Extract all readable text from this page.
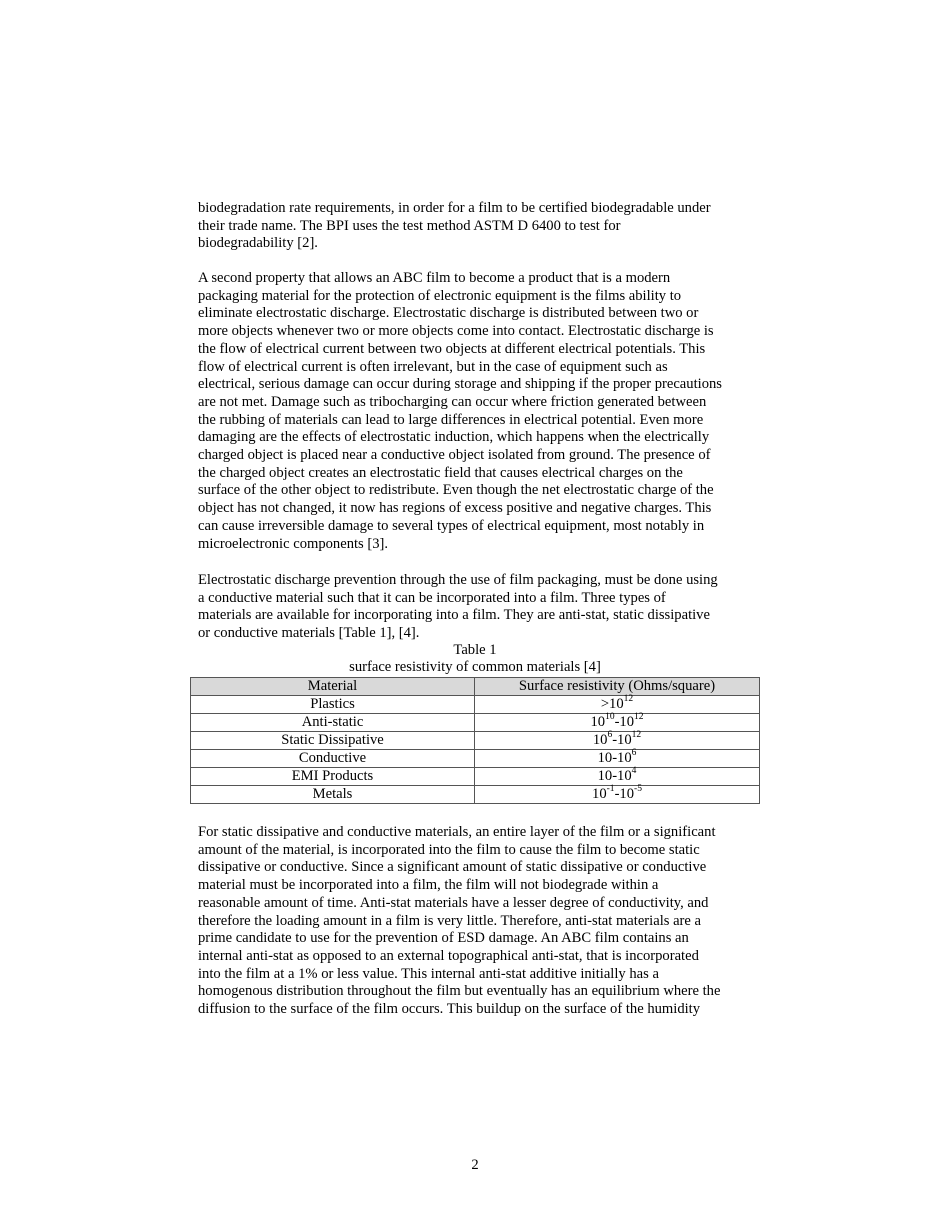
biodegradation rate requirements, in order for a film to be certified biodegradable under
their trade name. The BPI uses the test method ASTM D 6400 to test for
biodegradability [2].
A second property that allows an ABC film to become a product that is a modern
packaging material for the protection of electronic equipment is the films ability to
eliminate electrostatic discharge. Electrostatic discharge is distributed between two or
more objects whenever two or more objects come into contact. Electrostatic discharge is
the flow of electrical current between two objects at different electrical potentials. This
flow of electrical current is often irrelevant, but in the case of equipment such as
electrical, serious damage can occur during storage and shipping if the proper precautions
are not met. Damage such as tribocharging can occur where friction generated between
the rubbing of materials can lead to large differences in electrical potential. Even more
damaging are the effects of electrostatic induction, which happens when the electrically
charged object is placed near a conductive object isolated from ground. The presence of
the charged object creates an electrostatic field that causes electrical charges on the
surface of the other object to redistribute. Even though the net electrostatic charge of the
object has not changed, it now has regions of excess positive and negative charges. This
can cause irreversible damage to several types of electrical equipment, most notably in
microelectronic components [3].
Electrostatic discharge prevention through the use of film packaging, must be done using
a conductive material such that it can be incorporated into a film. Three types of
materials are available for incorporating into a film. They are anti-stat, static dissipative
or conductive materials [Table 1], [4].
Table 1
surface resistivity of common materials [4]
Material	Surface resistivity (Ohms/square)
Plastics	$>10^{12}$
Anti-static	$10^{10}-10^{12}$
Static Dissipative	$10^6-10^{12}$
Conductive	$10-10^6$
EMI Products	$10-10^4$
Metals	$10^{-1}-10^{-5}$
For static dissipative and conductive materials, an entire layer of the film or a significant
amount of the material, is incorporated into the film to cause the film to become static
dissipative or conductive. Since a significant amount of static dissipative or conductive
material must be incorporated into a film, the film will not biodegrade within a
reasonable amount of time. Anti-stat materials have a lesser degree of conductivity, and
therefore the loading amount in a film is very little. Therefore, anti-stat materials are a
prime candidate to use for the prevention of ESD damage. An ABC film contains an
internal anti-stat as opposed to an external topographical anti-stat, that is incorporated
into the film at a 1% or less value. This internal anti-stat additive initially has a
homogenous distribution throughout the film but eventually has an equilibrium where the
diffusion to the surface of the film occurs. This buildup on the surface of the humidity
2
